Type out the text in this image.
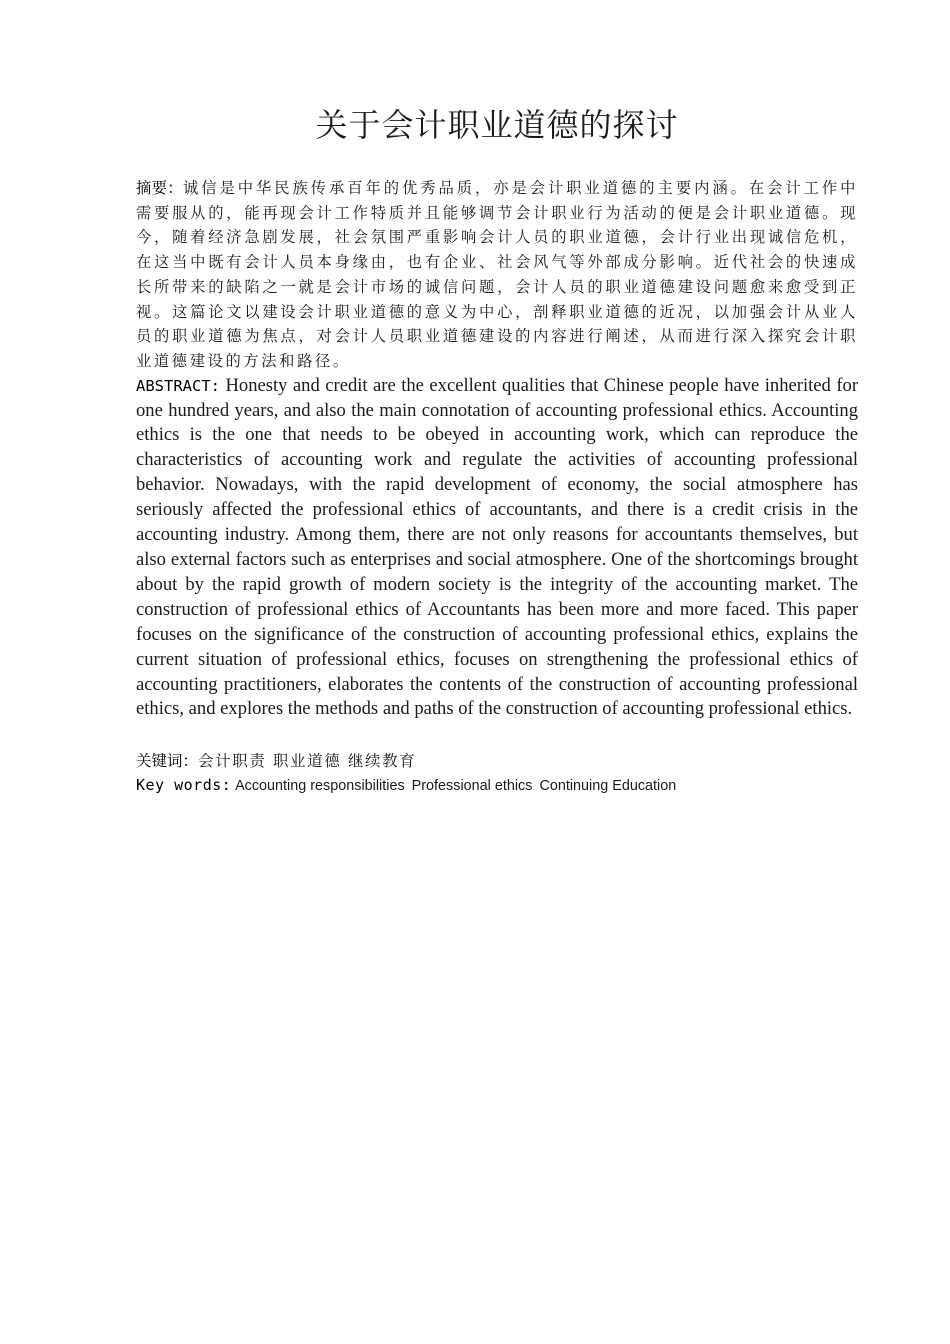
关于会计职业道德的探讨

摘要：诚信是中华民族传承百年的优秀品质，亦是会计职业道德的主要内涵。在会计工作中需要服从的，能再现会计工作特质并且能够调节会计职业行为活动的便是会计职业道德。现今，随着经济急剧发展，社会氛围严重影响会计人员的职业道德，会计行业出现诚信危机，在这当中既有会计人员本身缘由，也有企业、社会风气等外部成分影响。近代社会的快速成长所带来的缺陷之一就是会计市场的诚信问题，会计人员的职业道德建设问题愈来愈受到正视。这篇论文以建设会计职业道德的意义为中心，剖释职业道德的近况，以加强会计从业人员的职业道德为焦点，对会计人员职业道德建设的内容进行阐述，从而进行深入探究会计职业道德建设的方法和路径。

ABSTRACT: Honesty and credit are the excellent qualities that Chinese people have inherited for one hundred years, and also the main connotation of accounting professional ethics. Accounting ethics is the one that needs to be obeyed in accounting work, which can reproduce the characteristics of accounting work and regulate the activities of accounting professional behavior. Nowadays, with the rapid development of economy, the social atmosphere has seriously affected the professional ethics of accountants, and there is a credit crisis in the accounting industry. Among them, there are not only reasons for accountants themselves, but also external factors such as enterprises and social atmosphere. One of the shortcomings brought about by the rapid growth of modern society is the integrity of the accounting market. The construction of professional ethics of Accountants has been more and more faced. This paper focuses on the significance of the construction of accounting professional ethics, explains the current situation of professional ethics, focuses on strengthening the professional ethics of accounting practitioners, elaborates the contents of the construction of accounting professional ethics, and explores the methods and paths of the construction of accounting professional ethics.

关键词：会计职责 职业道德 继续教育

Key words: Accounting responsibilities Professional ethics Continuing Education
